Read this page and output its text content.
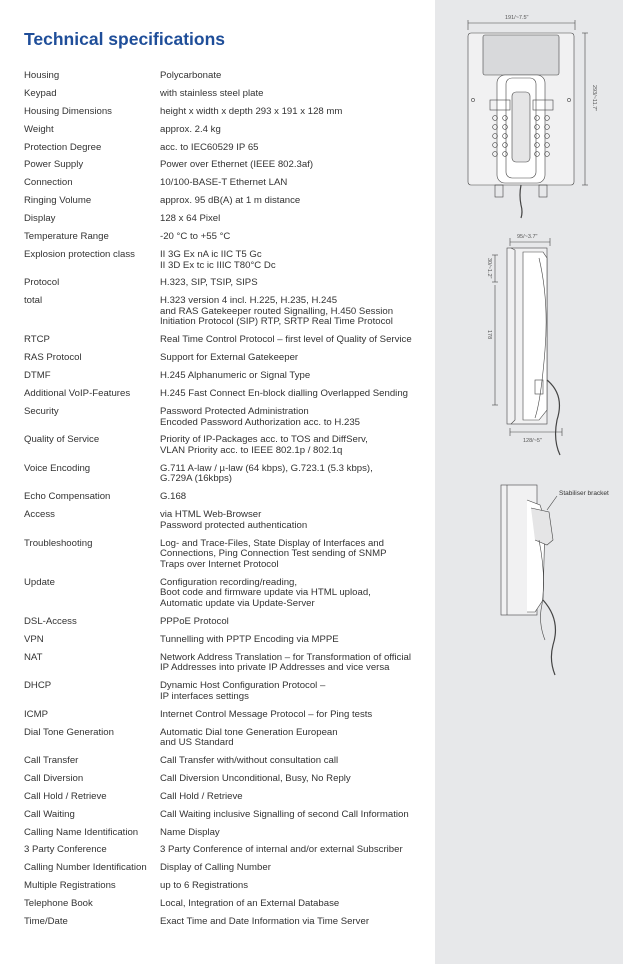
Technical specifications
Housing	Polycarbonate
Keypad	with stainless steel plate
Housing Dimensions	height x width x depth 293 x 191 x 128 mm
Weight	approx. 2.4 kg
Protection Degree	acc. to IEC60529 IP 65
Power Supply	Power over Ethernet (IEEE 802.3af)
Connection	10/100-BASE-T Ethernet LAN
Ringing Volume	approx. 95 dB(A) at 1 m distance
Display	128 x 64 Pixel
Temperature Range	-20 °C to +55 °C
Explosion protection class	II 3G Ex nA ic IIC T5 Gc
II 3D Ex tc ic IIIC T80°C Dc
Protocol	H.323, SIP, TSIP, SIPS
total	H.323 version 4 incl. H.225, H.235, H.245
and RAS Gatekeeper routed Signalling, H.450 Session
Initiation Protocol (SIP) RTP, SRTP Real Time Protocol
RTCP	Real Time Control Protocol – first level of Quality of Service
RAS Protocol	Support for External Gatekeeper
DTMF	H.245 Alphanumeric or Signal Type
Additional VoIP-Features	H.245 Fast Connect En-block dialling Overlapped Sending
Security	Password Protected Administration
Encoded Password Authorization acc. to H.235
Quality of Service	Priority of IP-Packages acc. to TOS and DiffServ,
VLAN Priority acc. to IEEE 802.1p / 802.1q
Voice Encoding	G.711 A-law / µ-law (64 kbps), G.723.1 (5.3 kbps),
G.729A (16kbps)
Echo Compensation	G.168
Access	via HTML Web-Browser
Password protected authentication
Troubleshooting	Log- and Trace-Files, State Display of Interfaces and
Connections, Ping Connection Test sending of SNMP
Traps over Internet Protocol
Update	Configuration recording/reading,
Boot code and firmware update via HTML upload,
Automatic update via Update-Server
DSL-Access	PPPoE Protocol
VPN	Tunnelling with PPTP Encoding via MPPE
NAT	Network Address Translation – for Transformation of official
IP Addresses into private IP Addresses and vice versa
DHCP	Dynamic Host Configuration Protocol –
IP interfaces settings
ICMP	Internet Control Message Protocol – for Ping tests
Dial Tone Generation	Automatic Dial tone Generation European
and US Standard
Call Transfer	Call Transfer with/without consultation call
Call Diversion	Call Diversion Unconditional, Busy, No Reply
Call Hold / Retrieve	Call Hold / Retrieve
Call Waiting	Call Waiting inclusive Signalling of second Call Information
Calling Name Identification	Name Display
3 Party Conference	3 Party Conference of internal and/or external Subscriber
Calling Number Identification	Display of Calling Number
Multiple Registrations	up to 6 Registrations
Telephone Book	Local, Integration of an External Database
Time/Date	Exact Time and Date Information via Time Server
191/~7.5"
293/~11.7"
95/~3.7"
30/~1.2"
178
128/~5"
Stabiliser bracket
